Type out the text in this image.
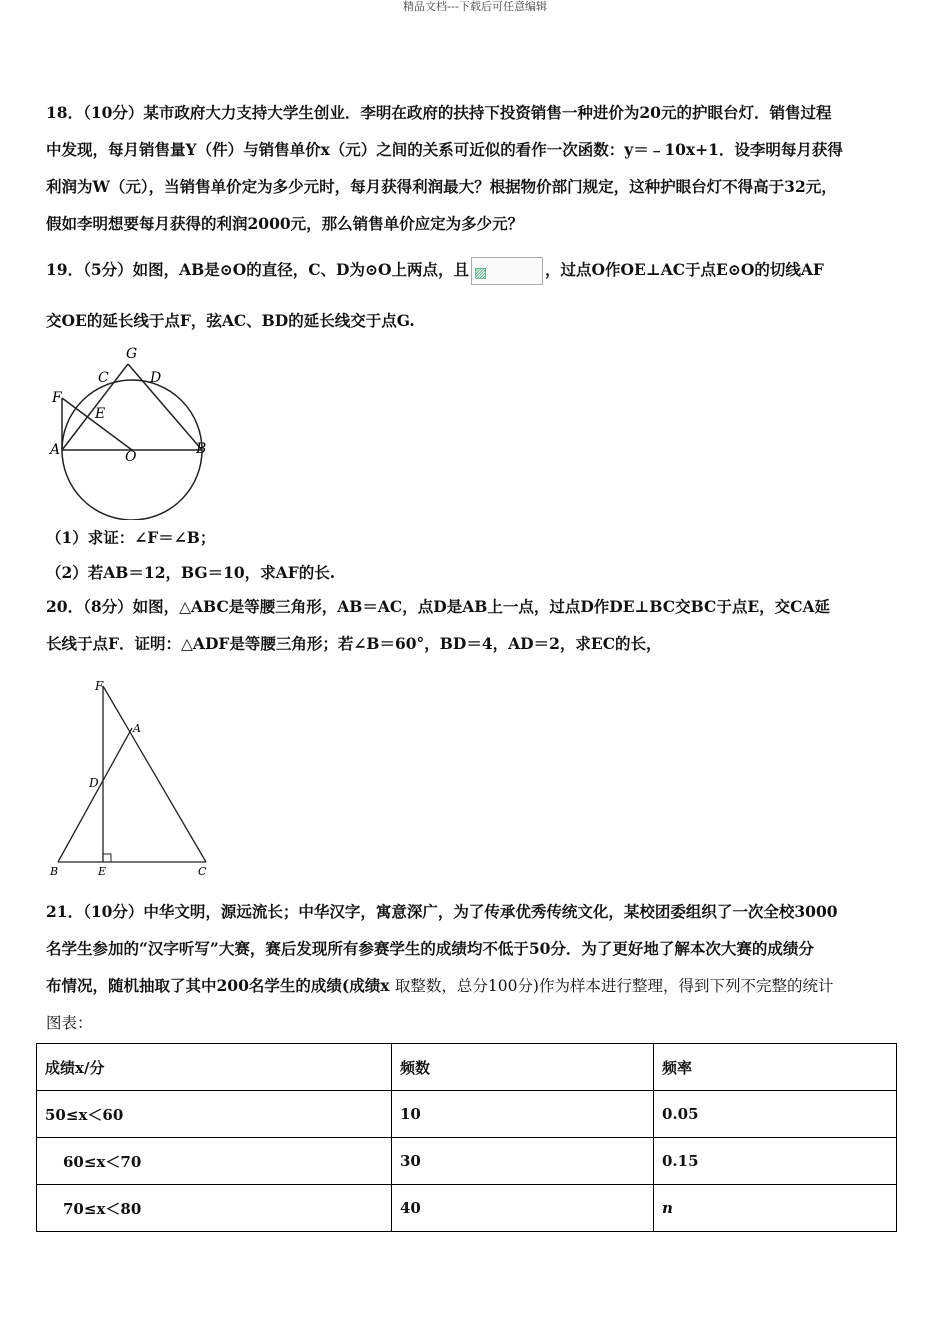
精品文档---下载后可任意编辑
18．（10分）某市政府大力支持大学生创业．李明在政府的扶持下投资销售一种进价为20元的护眼台灯．销售过程
中发现，每月销售量Y（件）与销售单价x（元）之间的关系可近似的看作一次函数：y＝﹣10x+1．设李明每月获得
利润为W（元），当销售单价定为多少元时，每月获得利润最大？根据物价部门规定，这种护眼台灯不得高于32元，
假如李明想要每月获得的利润2000元，那么销售单价应定为多少元？
19．（5分）如图，AB是⊙O的直径，C、D为⊙O上两点，且 ▨	，过点O作OE⊥AC于点E⊙O的切线AF
交OE的延长线于点F，弦AC、BD的延长线交于点G.
G
C	D
F
E
A	O	B
（1）求证：∠F＝∠B；
（2）若AB＝12，BG＝10，求AF的长.
20．（8分）如图，△ABC是等腰三角形，AB＝AC，点D是AB上一点，过点D作DE⊥BC交BC于点E，交CA延
长线于点F．证明：△ADF是等腰三角形；若∠B＝60°，BD＝4，AD＝2，求EC的长，
F
A
D
B	E	C
21．（10分）中华文明，源远流长；中华汉字，寓意深广，为了传承优秀传统文化，某校团委组织了一次全校3000
名学生参加的“汉字听写”大赛，赛后发现所有参赛学生的成绩均不低于50分．为了更好地了解本次大赛的成绩分
布情况，随机抽取了其中200名学生的成绩(成绩x 取整数，总分100分)作为样本进行整理，得到下列不完整的统计
图表：
成绩x/分	频数	频率
50≤x＜60	10	0.05
60≤x＜70	30	0.15
70≤x＜80	40	n
